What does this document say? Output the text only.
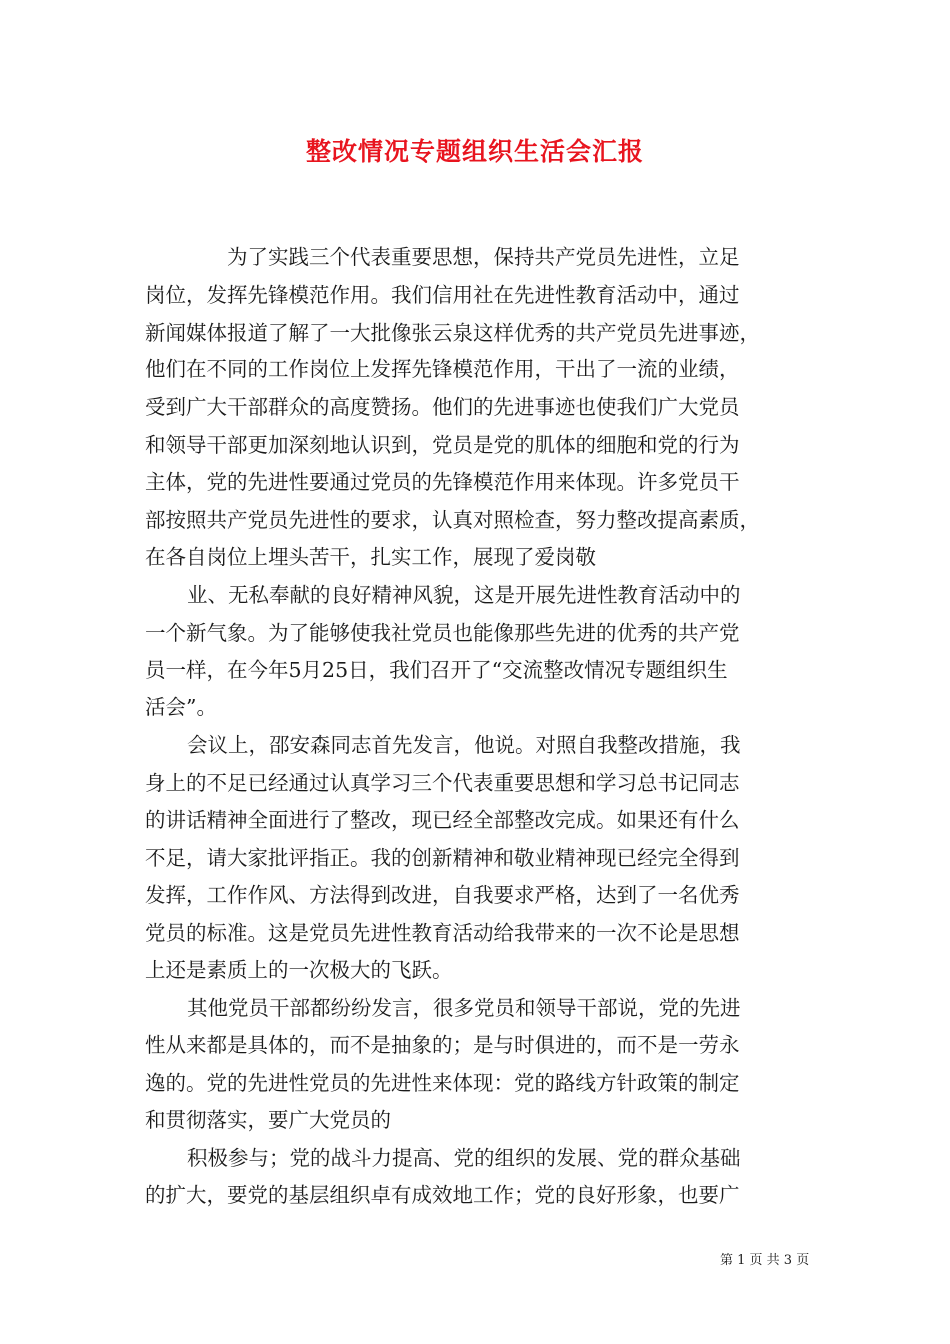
整改情况专题组织生活会汇报

为了实践三个代表重要思想，保持共产党员先进性，立足

岗位，发挥先锋模范作用。我们信用社在先进性教育活动中，通过

新闻媒体报道了解了一大批像张云泉这样优秀的共产党员先进事迹，

他们在不同的工作岗位上发挥先锋模范作用，干出了一流的业绩，

受到广大干部群众的高度赞扬。他们的先进事迹也使我们广大党员

和领导干部更加深刻地认识到，党员是党的肌体的细胞和党的行为

主体，党的先进性要通过党员的先锋模范作用来体现。许多党员干

部按照共产党员先进性的要求，认真对照检查，努力整改提高素质，

在各自岗位上埋头苦干，扎实工作，展现了爱岗敬

业、无私奉献的良好精神风貌，这是开展先进性教育活动中的

一个新气象。为了能够使我社党员也能像那些先进的优秀的共产党

员一样，在今年5月25日，我们召开了“交流整改情况专题组织生

活会”。

会议上，邵安森同志首先发言，他说。对照自我整改措施，我

身上的不足已经通过认真学习三个代表重要思想和学习总书记同志

的讲话精神全面进行了整改，现已经全部整改完成。如果还有什么

不足，请大家批评指正。我的创新精神和敬业精神现已经完全得到

发挥，工作作风、方法得到改进，自我要求严格，达到了一名优秀

党员的标准。这是党员先进性教育活动给我带来的一次不论是思想

上还是素质上的一次极大的飞跃。

其他党员干部都纷纷发言，很多党员和领导干部说，党的先进

性从来都是具体的，而不是抽象的；是与时俱进的，而不是一劳永

逸的。党的先进性党员的先进性来体现：党的路线方针政策的制定

和贯彻落实，要广大党员的

积极参与；党的战斗力提高、党的组织的发展、党的群众基础

的扩大，要党的基层组织卓有成效地工作；党的良好形象，也要广

第 1 页 共 3 页
